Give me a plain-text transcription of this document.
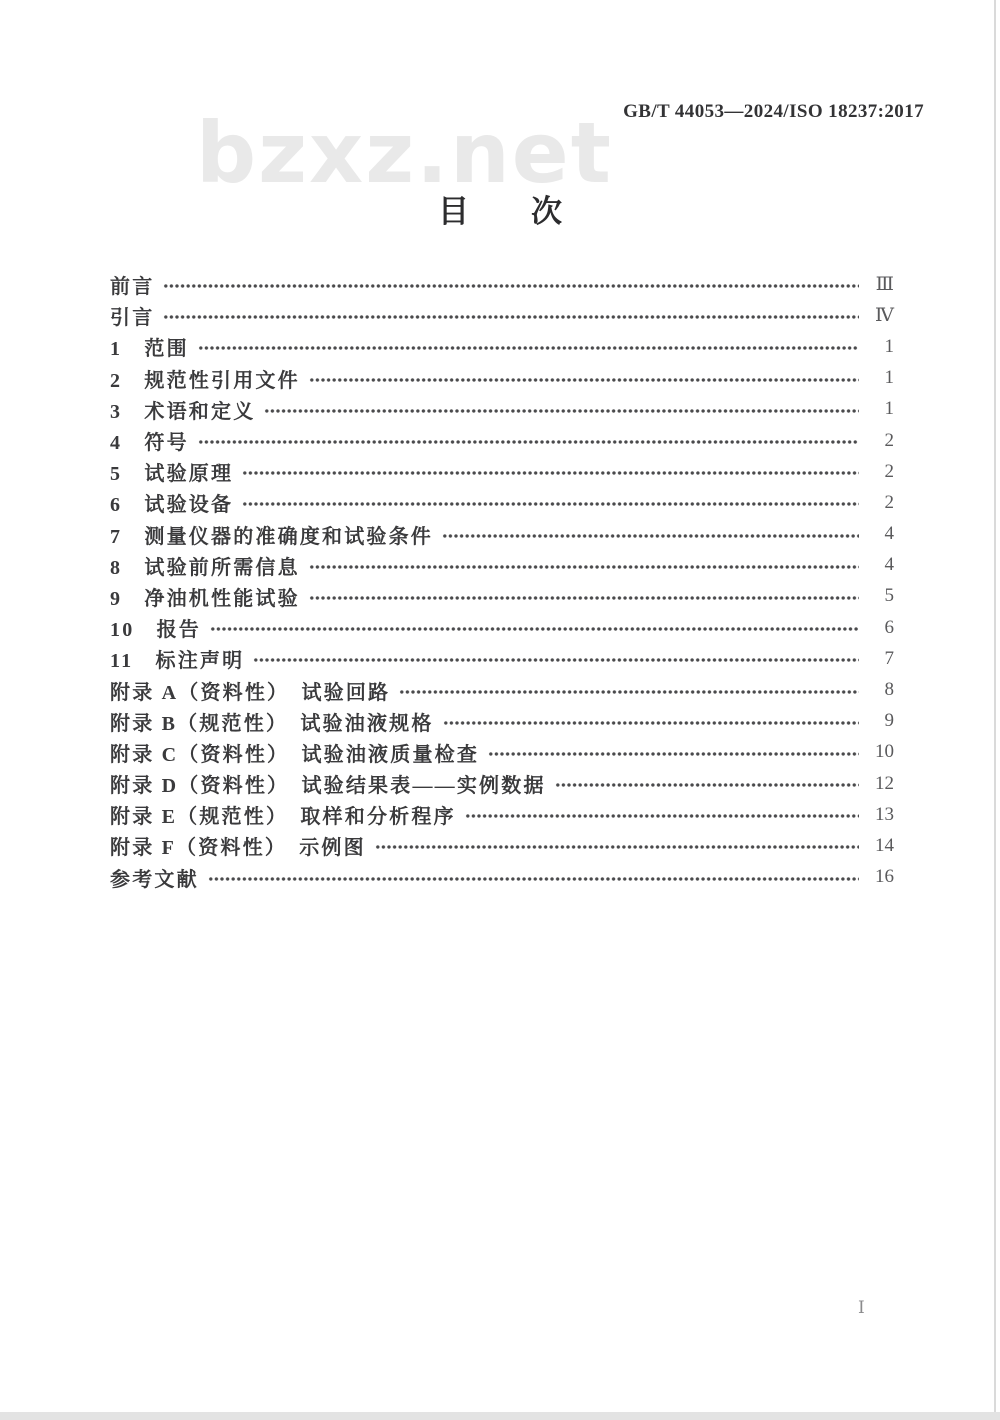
bzxz.net GB/T 44053—2024/ISO 18237:2017
目　　次
前言	Ⅲ
引言	Ⅳ
1　范围	1
2　规范性引用文件	1
3　术语和定义	1
4　符号	2
5　试验原理	2
6　试验设备	2
7　测量仪器的准确度和试验条件	4
8　试验前所需信息	4
9　净油机性能试验	5
10　报告	6
11　标注声明	7
附录 A（资料性）　试验回路	8
附录 B（规范性）　试验油液规格	9
附录 C（资料性）　试验油液质量检查	10
附录 D（资料性）　试验结果表——实例数据	12
附录 E（规范性）　取样和分析程序	13
附录 F（资料性）　示例图	14
参考文献	16
Ⅰ
